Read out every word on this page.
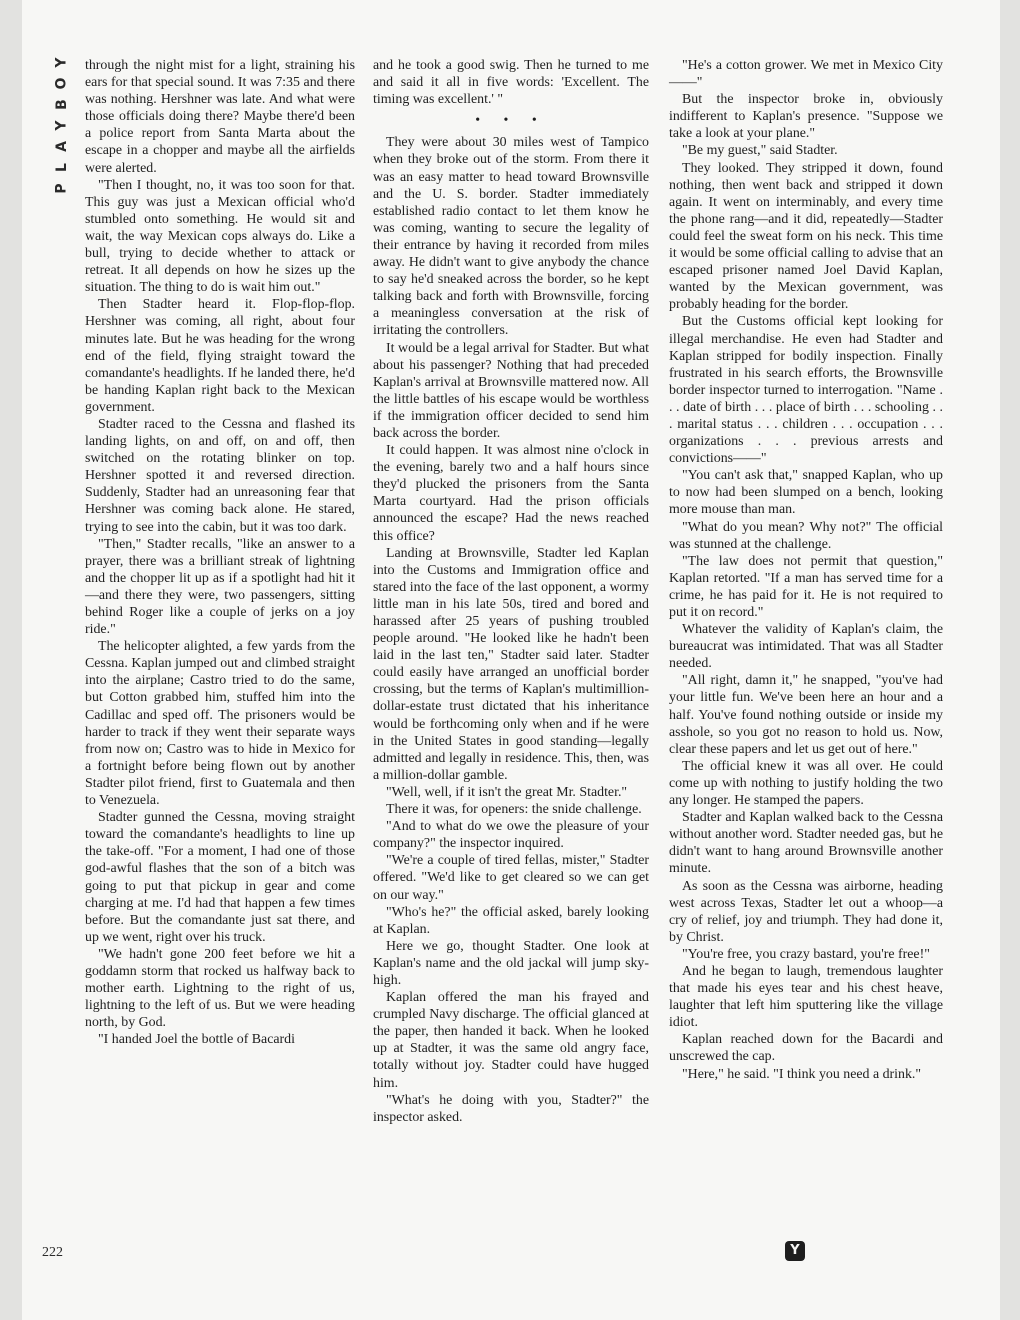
Y
O
B
Y
A
L
P

through the night mist for a light, straining his ears for that special sound. It was 7:35 and there was nothing. Hershner was late. And what were those officials doing there? Maybe there'd been a police report from Santa Marta about the escape in a chopper and maybe all the airfields were alerted.

"Then I thought, no, it was too soon for that. This guy was just a Mexican official who'd stumbled onto something. He would sit and wait, the way Mexican cops always do. Like a bull, trying to decide whether to attack or retreat. It all depends on how he sizes up the situation. The thing to do is wait him out."

Then Stadter heard it. Flop-flop-flop. Hershner was coming, all right, about four minutes late. But he was heading for the wrong end of the field, flying straight toward the comandante's headlights. If he landed there, he'd be handing Kaplan right back to the Mexican government.

Stadter raced to the Cessna and flashed its landing lights, on and off, on and off, then switched on the rotating blinker on top. Hershner spotted it and reversed direction. Suddenly, Stadter had an unreasoning fear that Hershner was coming back alone. He stared, trying to see into the cabin, but it was too dark.

"Then," Stadter recalls, "like an answer to a prayer, there was a brilliant streak of lightning and the chopper lit up as if a spotlight had hit it—and there they were, two passengers, sitting behind Roger like a couple of jerks on a joy ride."

The helicopter alighted, a few yards from the Cessna. Kaplan jumped out and climbed straight into the airplane; Castro tried to do the same, but Cotton grabbed him, stuffed him into the Cadillac and sped off. The prisoners would be harder to track if they went their separate ways from now on; Castro was to hide in Mexico for a fortnight before being flown out by another Stadter pilot friend, first to Guatemala and then to Venezuela.

Stadter gunned the Cessna, moving straight toward the comandante's headlights to line up the take-off. "For a moment, I had one of those god-awful flashes that the son of a bitch was going to put that pickup in gear and come charging at me. I'd had that happen a few times before. But the comandante just sat there, and up we went, right over his truck.

"We hadn't gone 200 feet before we hit a goddamn storm that rocked us halfway back to mother earth. Lightning to the right of us, lightning to the left of us. But we were heading north, by God.

"I handed Joel the bottle of Bacardi

and he took a good swig. Then he turned to me and said it all in five words: 'Excellent. The timing was excellent.' "

• • •

They were about 30 miles west of Tampico when they broke out of the storm. From there it was an easy matter to head toward Brownsville and the U. S. border. Stadter immediately established radio contact to let them know he was coming, wanting to secure the legality of their entrance by having it recorded from miles away. He didn't want to give anybody the chance to say he'd sneaked across the border, so he kept talking back and forth with Brownsville, forcing a meaningless conversation at the risk of irritating the controllers.

It would be a legal arrival for Stadter. But what about his passenger? Nothing that had preceded Kaplan's arrival at Brownsville mattered now. All the little battles of his escape would be worthless if the immigration officer decided to send him back across the border.

It could happen. It was almost nine o'clock in the evening, barely two and a half hours since they'd plucked the prisoners from the Santa Marta courtyard. Had the prison officials announced the escape? Had the news reached this office?

Landing at Brownsville, Stadter led Kaplan into the Customs and Immigration office and stared into the face of the last opponent, a wormy little man in his late 50s, tired and bored and harassed after 25 years of pushing troubled people around. "He looked like he hadn't been laid in the last ten," Stadter said later. Stadter could easily have arranged an unofficial border crossing, but the terms of Kaplan's multimillion-dollar-estate trust dictated that his inheritance would be forthcoming only when and if he were in the United States in good standing—legally admitted and legally in residence. This, then, was a million-dollar gamble.

"Well, well, if it isn't the great Mr. Stadter."

There it was, for openers: the snide challenge.

"And to what do we owe the pleasure of your company?" the inspector inquired.

"We're a couple of tired fellas, mister," Stadter offered. "We'd like to get cleared so we can get on our way."

"Who's he?" the official asked, barely looking at Kaplan.

Here we go, thought Stadter. One look at Kaplan's name and the old jackal will jump sky-high.

Kaplan offered the man his frayed and crumpled Navy discharge. The official glanced at the paper, then handed it back. When he looked up at Stadter, it was the same old angry face, totally without joy. Stadter could have hugged him.

"What's he doing with you, Stadter?" the inspector asked.

"He's a cotton grower. We met in Mexico City——"

But the inspector broke in, obviously indifferent to Kaplan's presence. "Suppose we take a look at your plane."

"Be my guest," said Stadter.

They looked. They stripped it down, found nothing, then went back and stripped it down again. It went on interminably, and every time the phone rang—and it did, repeatedly—Stadter could feel the sweat form on his neck. This time it would be some official calling to advise that an escaped prisoner named Joel David Kaplan, wanted by the Mexican government, was probably heading for the border.

But the Customs official kept looking for illegal merchandise. He even had Stadter and Kaplan stripped for bodily inspection. Finally frustrated in his search efforts, the Brownsville border inspector turned to interrogation. "Name . . . date of birth . . . place of birth . . . schooling . . . marital status . . . children . . . occupation . . . organizations . . . previous arrests and convictions——"

"You can't ask that," snapped Kaplan, who up to now had been slumped on a bench, looking more mouse than man.

"What do you mean? Why not?" The official was stunned at the challenge.

"The law does not permit that question," Kaplan retorted. "If a man has served time for a crime, he has paid for it. He is not required to put it on record."

Whatever the validity of Kaplan's claim, the bureaucrat was intimidated. That was all Stadter needed.

"All right, damn it," he snapped, "you've had your little fun. We've been here an hour and a half. You've found nothing outside or inside my asshole, so you got no reason to hold us. Now, clear these papers and let us get out of here."

The official knew it was all over. He could come up with nothing to justify holding the two any longer. He stamped the papers.

Stadter and Kaplan walked back to the Cessna without another word. Stadter needed gas, but he didn't want to hang around Brownsville another minute.

As soon as the Cessna was airborne, heading west across Texas, Stadter let out a whoop—a cry of relief, joy and triumph. They had done it, by Christ.

"You're free, you crazy bastard, you're free!"

And he began to laugh, tremendous laughter that made his eyes tear and his chest heave, laughter that left him sputtering like the village idiot.

Kaplan reached down for the Bacardi and unscrewed the cap.

"Here," he said. "I think you need a drink."

222	Y
